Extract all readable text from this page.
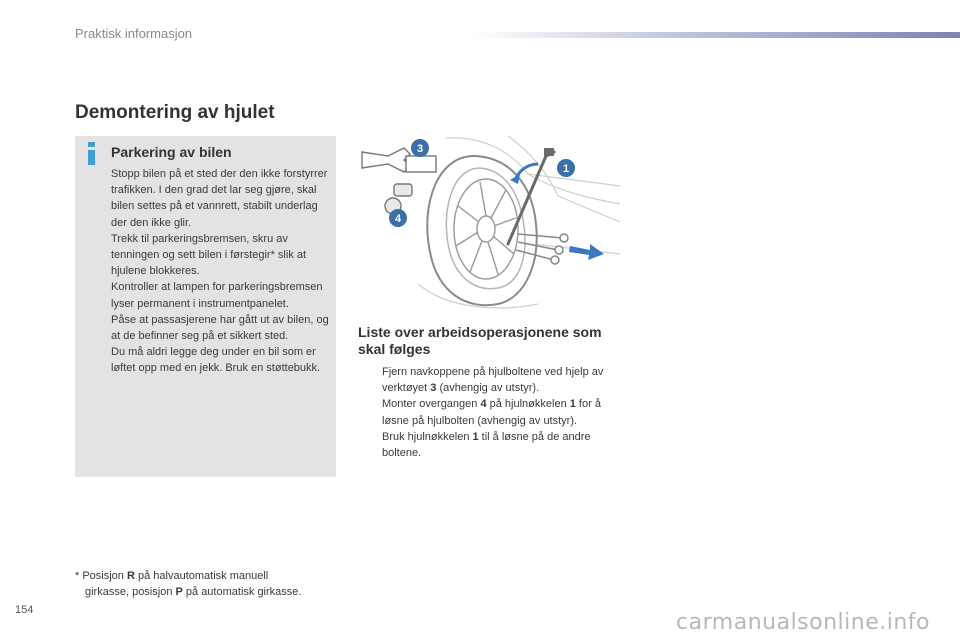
Praktisk informasjon
Demontering av hjulet
Parkering av bilen

Stopp bilen på et sted der den ikke forstyrrer trafikken. I den grad det lar seg gjøre, skal bilen settes på et vannrett, stabilt underlag der den ikke glir.

Trekk til parkeringsbremsen, skru av tenningen og sett bilen i førstegir* slik at hjulene blokkeres.

Kontroller at lampen for parkeringsbremsen lyser permanent i instrumentpanelet.

Påse at passasjerene har gått ut av bilen, og at de befinner seg på et sikkert sted.

Du må aldri legge deg under en bil som er løftet opp med en jekk. Bruk en støttebukk.

1
3
4
Liste over arbeidsoperasjonene som skal følges
Fjern navkoppene på hjulboltene ved hjelp av verktøyet 3 (avhengig av utstyr).
Monter overgangen 4 på hjulnøkkelen 1 for å løsne på hjulbolten (avhengig av utstyr).
Bruk hjulnøkkelen 1 til å løsne på de andre boltene.
* Posisjon R på halvautomatisk manuell
girkasse, posisjon P på automatisk girkasse.
154	carmanualsonline.info
